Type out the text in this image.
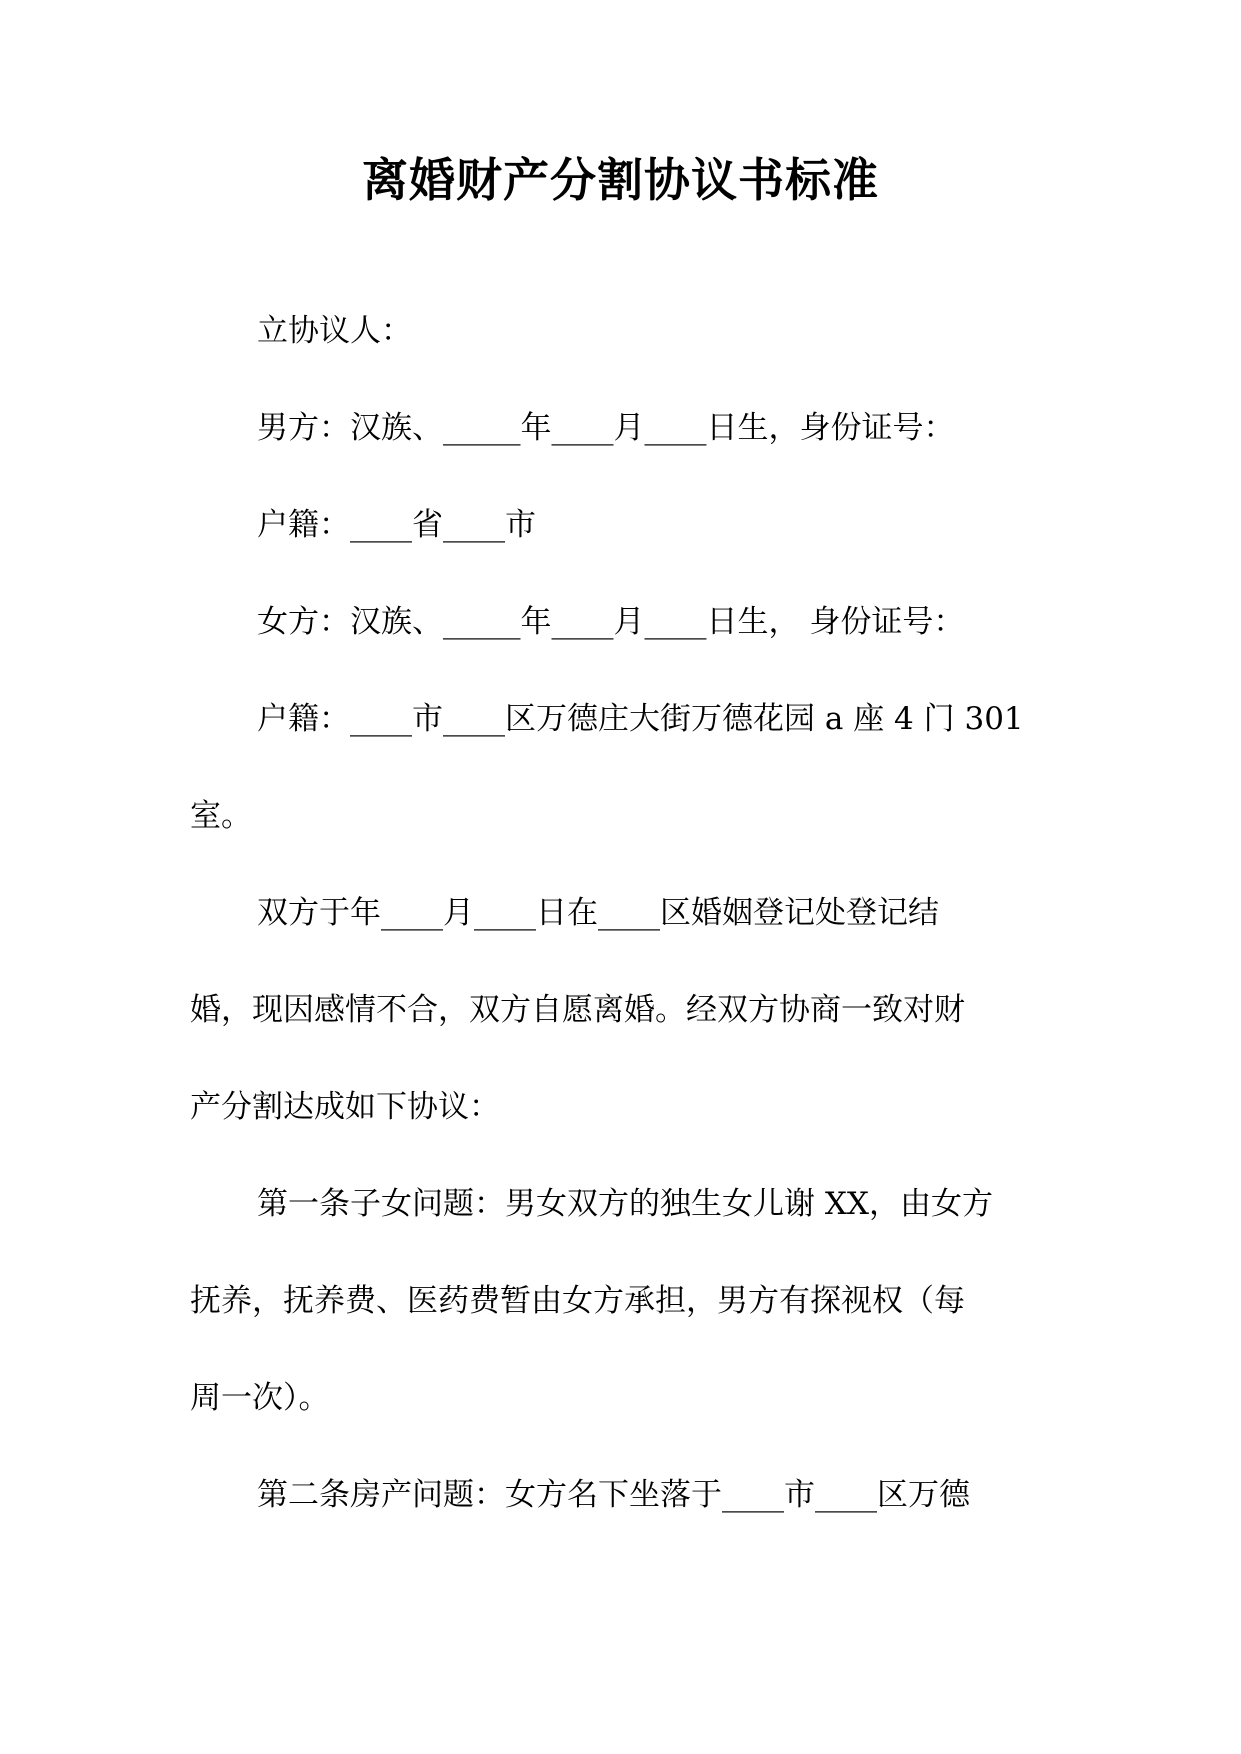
离婚财产分割协议书标准

立协议人：

男方：汉族、_____年____月____日生，身份证号：

户籍：____省____市

女方：汉族、_____年____月____日生， 身份证号：

户籍：____市____区万德庄大街万德花园 a 座 4 门 301

室。

双方于年____月____日在____区婚姻登记处登记结

婚，现因感情不合，双方自愿离婚。经双方协商一致对财

产分割达成如下协议：

第一条子女问题：男女双方的独生女儿谢 XX，由女方

抚养，抚养费、医药费暂由女方承担，男方有探视权（每

周一次）。

第二条房产问题：女方名下坐落于____市____区万德
